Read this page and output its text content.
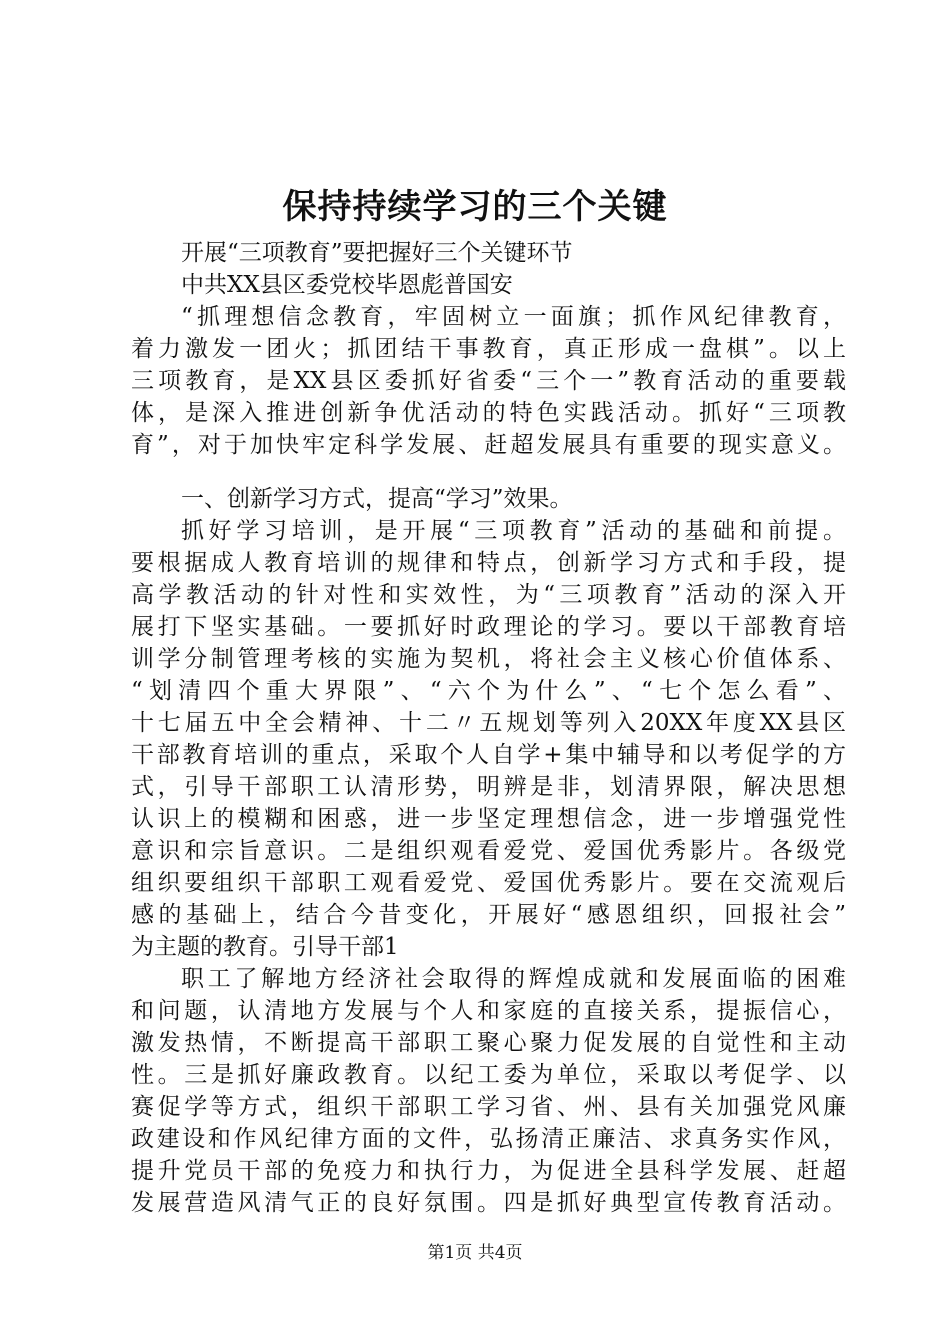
保持持续学习的三个关键
开展“三项教育”要把握好三个关键环节
中共XX县区委党校毕恩彪普国安
“抓理想信念教育，牢固树立一面旗；抓作风纪律教育，
着力激发一团火；抓团结干事教育，真正形成一盘棋”。以上
三项教育，是XX县区委抓好省委“三个一”教育活动的重要载
体，是深入推进创新争优活动的特色实践活动。抓好“三项教
育”，对于加快牢定科学发展、赶超发展具有重要的现实意义。
一、创新学习方式，提高“学习”效果。
抓好学习培训，是开展“三项教育”活动的基础和前提。
要根据成人教育培训的规律和特点，创新学习方式和手段，提
高学教活动的针对性和实效性，为“三项教育”活动的深入开
展打下坚实基础。一要抓好时政理论的学习。要以干部教育培
训学分制管理考核的实施为契机，将社会主义核心价值体系、
“划清四个重大界限”、“六个为什么”、“七个怎么看”、
十七届五中全会精神、十二〃五规划等列入20XX年度XX县区
干部教育培训的重点，采取个人自学+集中辅导和以考促学的方
式，引导干部职工认清形势，明辨是非，划清界限，解决思想
认识上的模糊和困惑，进一步坚定理想信念，进一步增强党性
意识和宗旨意识。二是组织观看爱党、爱国优秀影片。各级党
组织要组织干部职工观看爱党、爱国优秀影片。要在交流观后
感的基础上，结合今昔变化，开展好“感恩组织，回报社会”
为主题的教育。引导干部1
职工了解地方经济社会取得的辉煌成就和发展面临的困难
和问题，认清地方发展与个人和家庭的直接关系，提振信心，
激发热情，不断提高干部职工聚心聚力促发展的自觉性和主动
性。三是抓好廉政教育。以纪工委为单位，采取以考促学、以
赛促学等方式，组织干部职工学习省、州、县有关加强党风廉
政建设和作风纪律方面的文件，弘扬清正廉洁、求真务实作风，
提升党员干部的免疫力和执行力，为促进全县科学发展、赶超
发展营造风清气正的良好氛围。四是抓好典型宣传教育活动。
第1页 共4页
